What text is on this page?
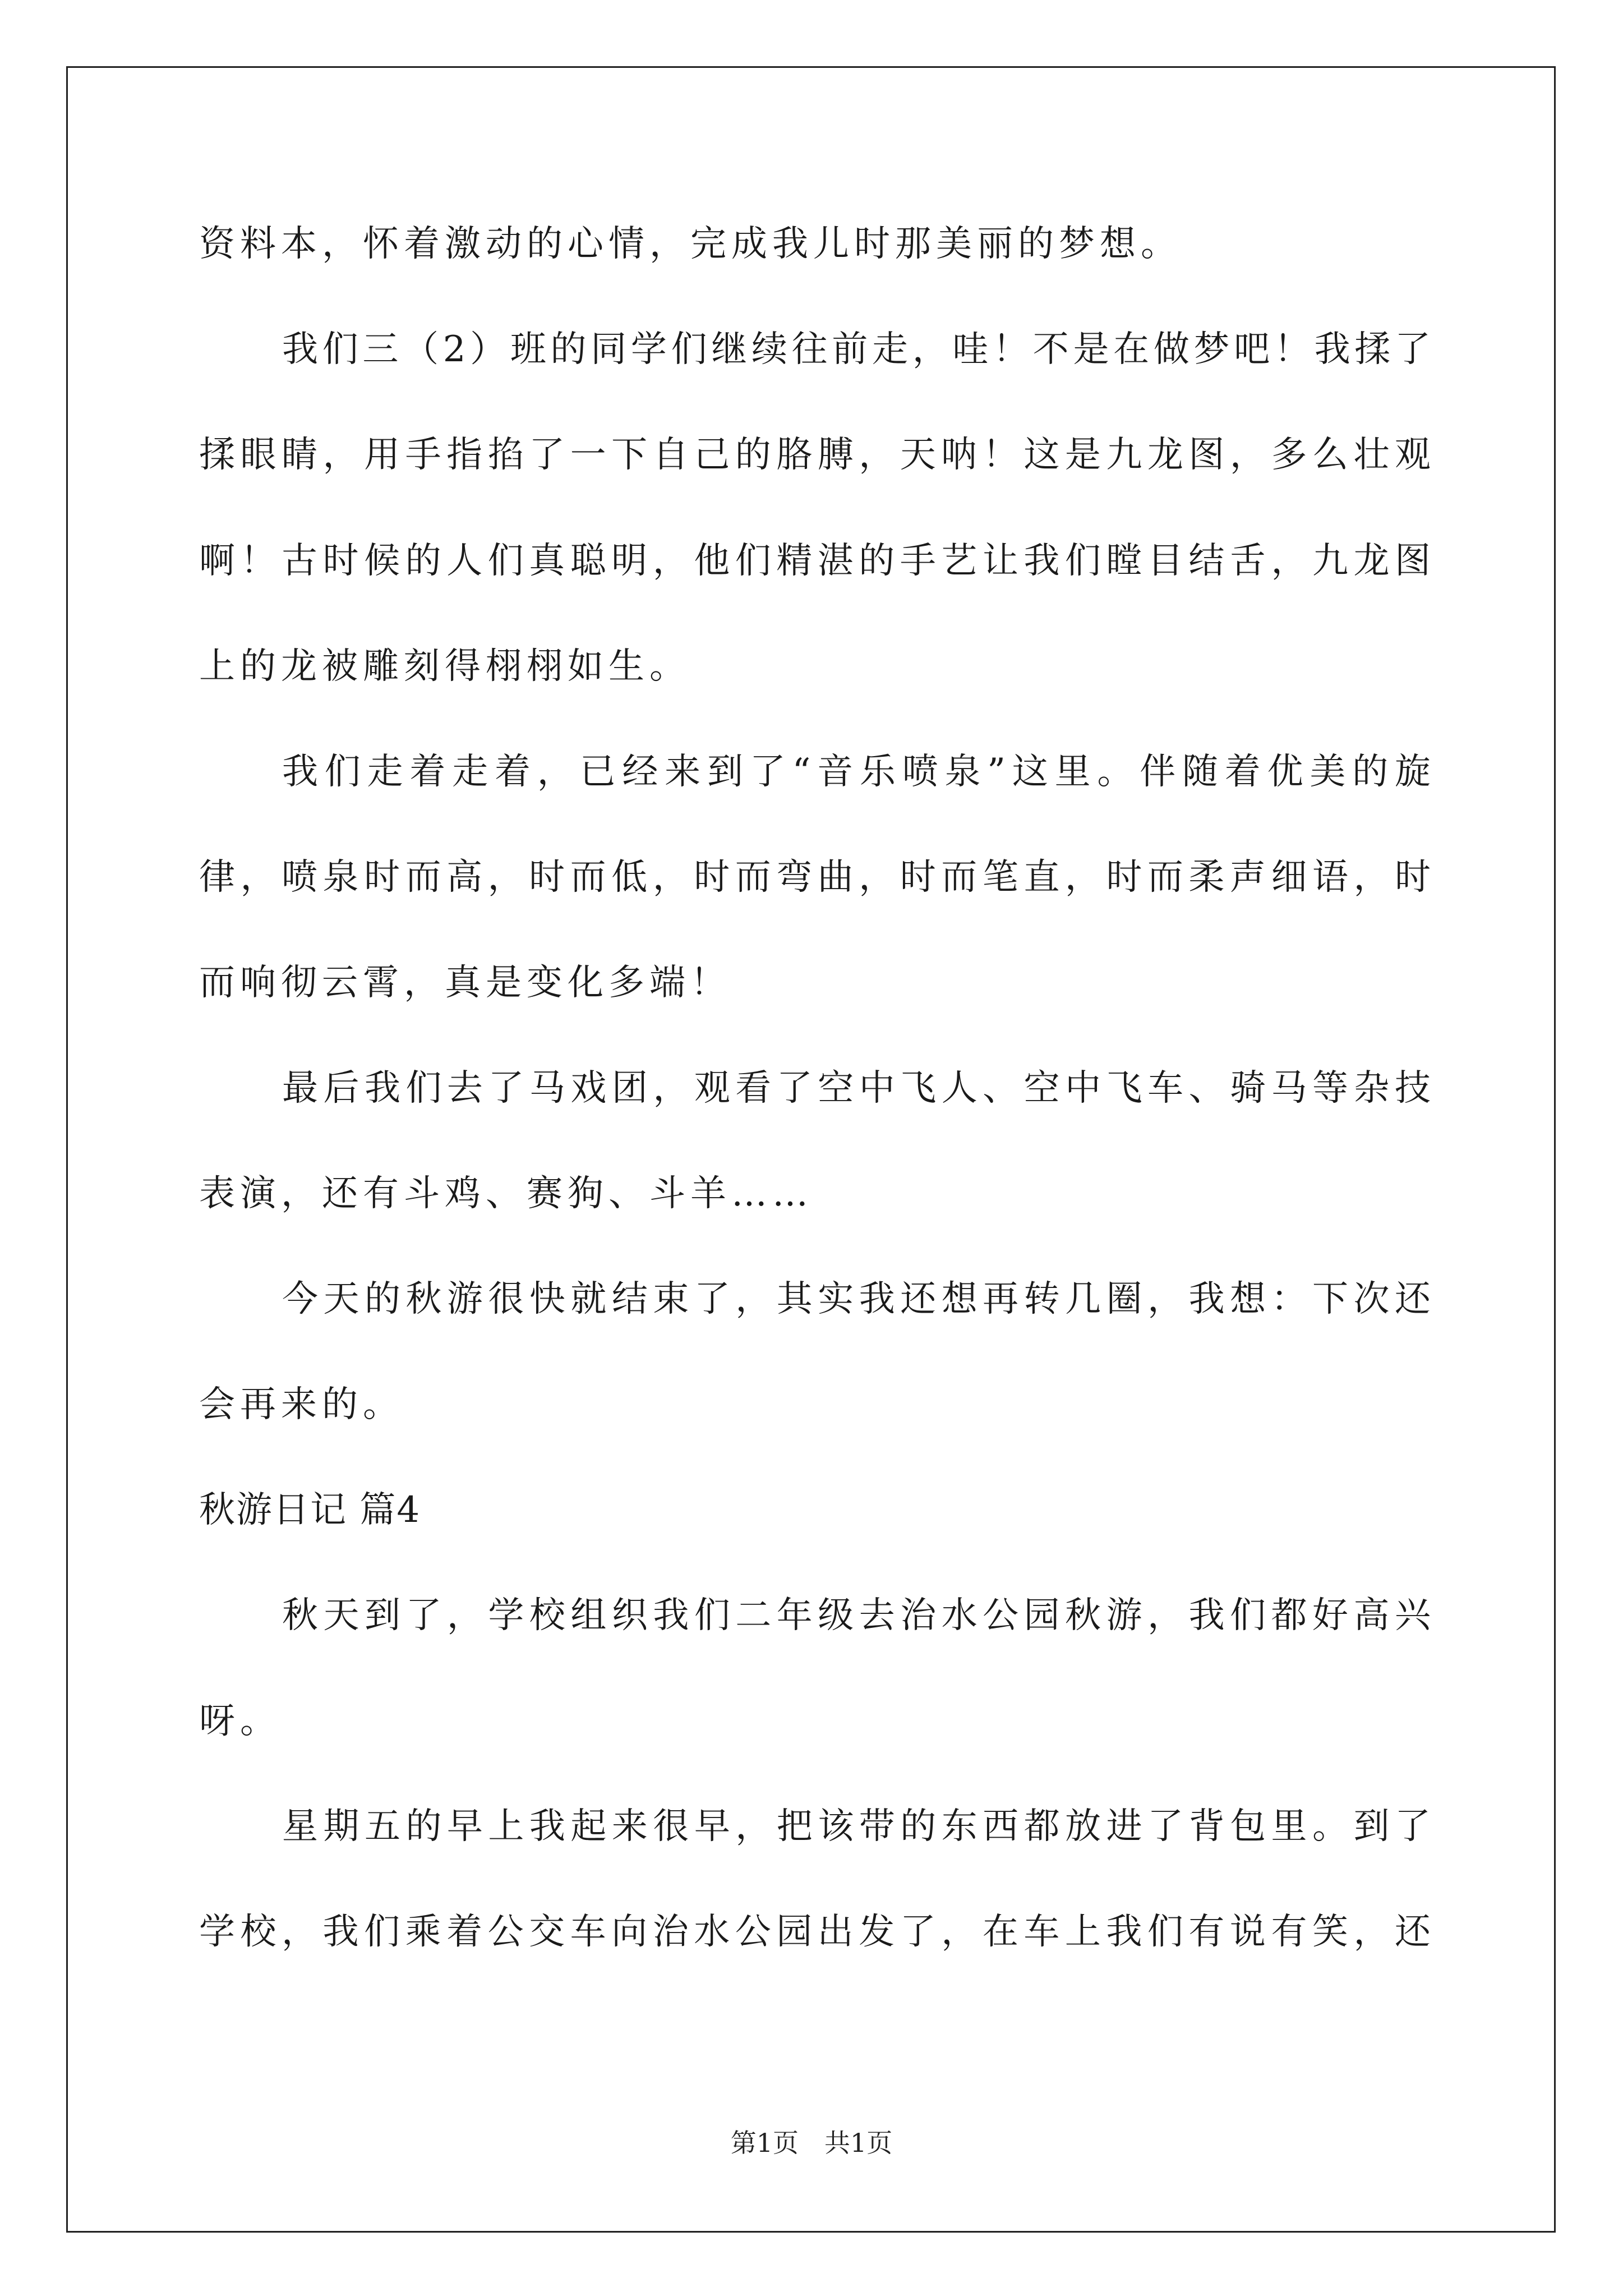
资料本，怀着激动的心情，完成我儿时那美丽的梦想。
我们三（2）班的同学们继续往前走，哇！不是在做梦吧！我揉了
揉眼睛，用手指掐了一下自己的胳膊，天呐！这是九龙图，多么壮观
啊！古时候的人们真聪明，他们精湛的手艺让我们瞠目结舌，九龙图
上的龙被雕刻得栩栩如生。
我们走着走着，已经来到了“音乐喷泉”这里。伴随着优美的旋
律，喷泉时而高，时而低，时而弯曲，时而笔直，时而柔声细语，时
而响彻云霄，真是变化多端！
最后我们去了马戏团，观看了空中飞人、空中飞车、骑马等杂技
表演，还有斗鸡、赛狗、斗羊……
今天的秋游很快就结束了，其实我还想再转几圈，我想：下次还
会再来的。
秋游日记 篇4
秋天到了，学校组织我们二年级去治水公园秋游，我们都好高兴
呀。
星期五的早上我起来很早，把该带的东西都放进了背包里。到了
学校，我们乘着公交车向治水公园出发了，在车上我们有说有笑，还
第1页　共1页
